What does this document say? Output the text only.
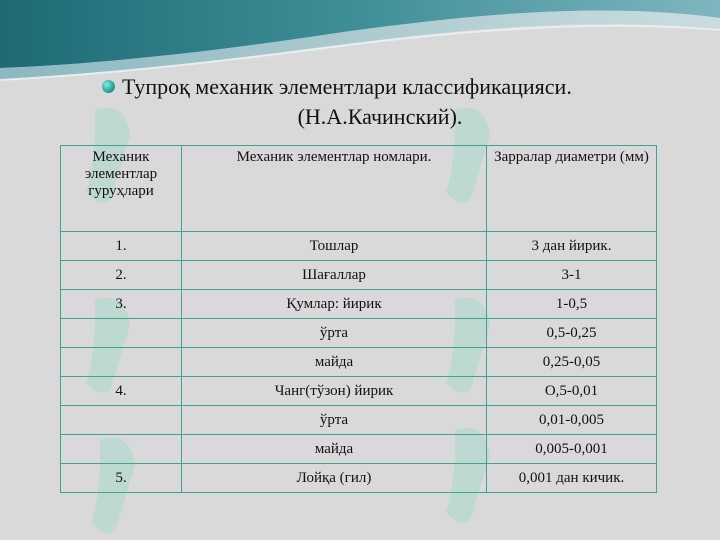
Тупроқ механик элементлари классификацияси.
(Н.А.Качинский).
Механик элементлар гуруҳлари	Механик элементлар номлари.	Зарралар диаметри (мм)
1.	Тошлар	3 дан йирик.
2.	Шағаллар	3-1
3.	Қумлар: йирик	1-0,5
	ўрта	0,5-0,25
	майда	0,25-0,05
4.	Чанг(тўзон) йирик	О,5-0,01
	ўрта	0,01-0,005
	майда	0,005-0,001
5.	Лойқа (гил)	0,001 дан кичик.
